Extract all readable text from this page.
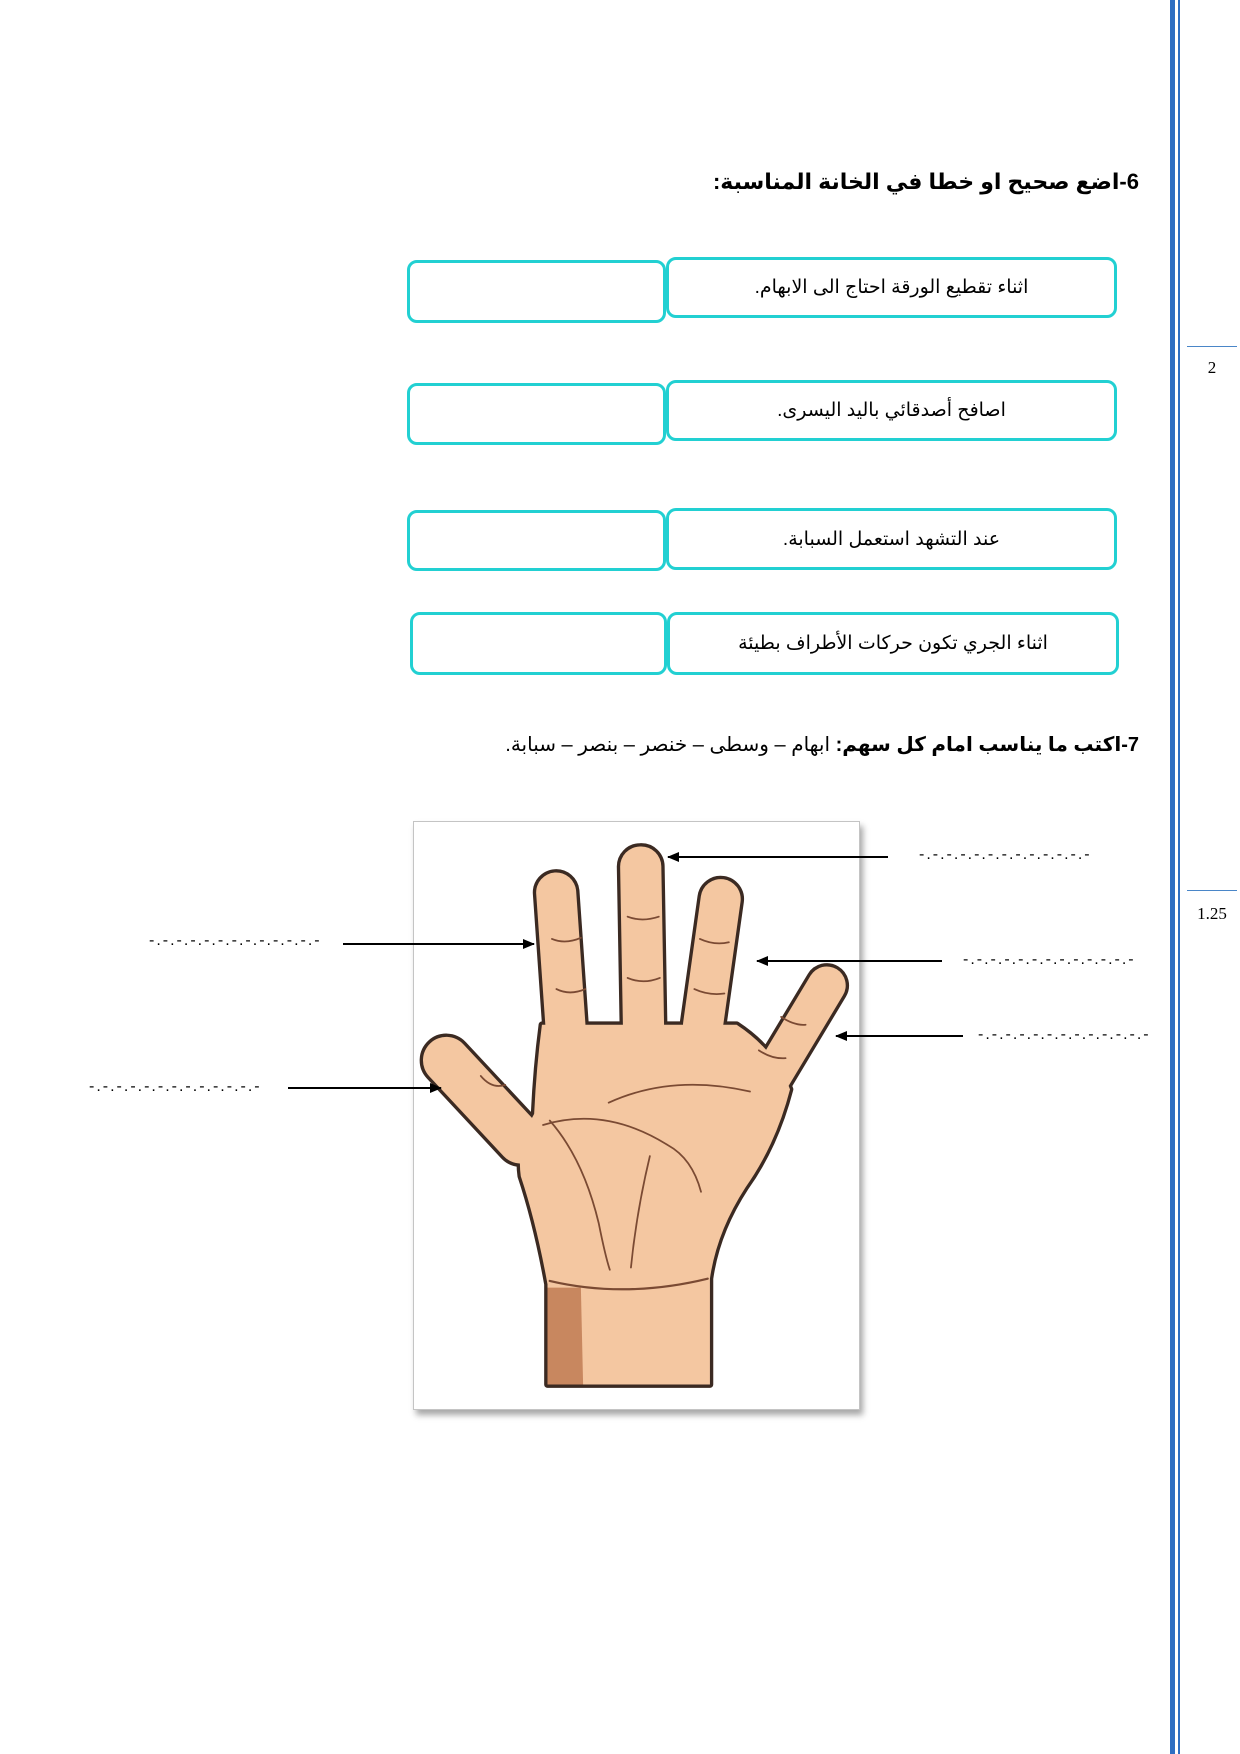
2
1.25
6-اضع صحيح او خطا في الخانة المناسبة:
اثناء تقطيع الورقة احتاج الى الابهام.
اصافح أصدقائي باليد اليسرى.
عند التشهد استعمل السبابة.
اثناء الجري تكون حركات الأطراف بطيئة
7-اكتب ما يناسب امام كل سهم: ابهام – وسطى – خنصر – بنصر – سبابة.
-.-.-.-.-.-.-.-.-.-.-.-.-
-.-.-.-.-.-.-.-.-.-.-.-.-
-.-.-.-.-.-.-.-.-.-.-.-.-
-.-.-.-.-.-.-.-.-.-.-.-.-
-.-.-.-.-.-.-.-.-.-.-.-.-
